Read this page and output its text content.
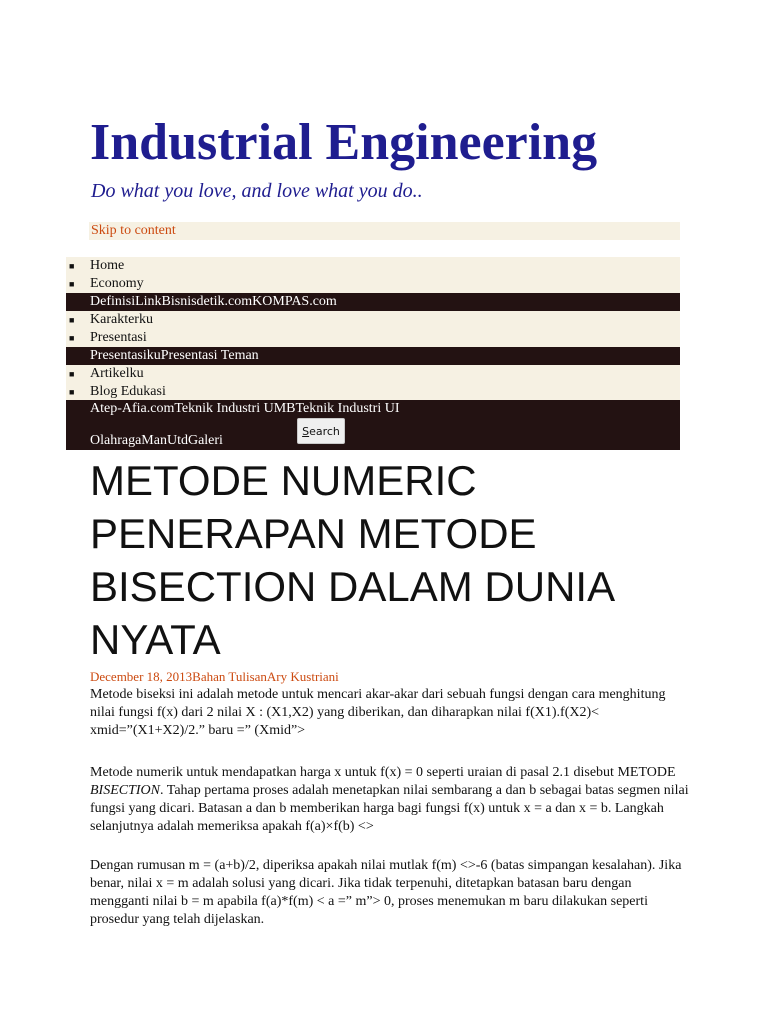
Industrial Engineering
Do what you love, and love what you do..
Skip to content
■ Home
■ Economy
DefinisiLinkBisnisdetik.comKOMPAS.com
■ Karakterku
■ Presentasi
PresentasikuPresentasi Teman
■ Artikelku
■ Blog Edukasi
Atep-Afia.comTeknik Industri UMBTeknik Industri UI
OlahragaManUtdGaleri
S earch
METODE NUMERIC PENERAPAN METODE BISECTION DALAM DUNIA NYATA
December 18, 2013Bahan TulisanAry Kustriani

Metode biseksi ini adalah metode untuk mencari akar-akar dari sebuah fungsi dengan cara menghitung nilai fungsi f(x) dari 2 nilai X : (X1,X2) yang diberikan, dan diharapkan nilai f(X1).f(X2)< xmid=”(X1+X2)/2.” baru =” (Xmid”>

Metode numerik untuk mendapatkan harga x untuk f(x) = 0 seperti uraian di pasal 2.1 disebut METODE BISECTION. Tahap pertama proses adalah menetapkan nilai sembarang a dan b sebagai batas segmen nilai fungsi yang dicari. Batasan a dan b memberikan harga bagi fungsi f(x) untuk x = a dan x = b. Langkah selanjutnya adalah memeriksa apakah f(a)×f(b) <>

Dengan rumusan m = (a+b)/2, diperiksa apakah nilai mutlak f(m) <>-6 (batas simpangan kesalahan). Jika benar, nilai x = m adalah solusi yang dicari. Jika tidak terpenuhi, ditetapkan batasan baru dengan mengganti nilai b = m apabila f(a)*f(m) < a =” m”> 0, proses menemukan m baru dilakukan seperti prosedur yang telah dijelaskan.
